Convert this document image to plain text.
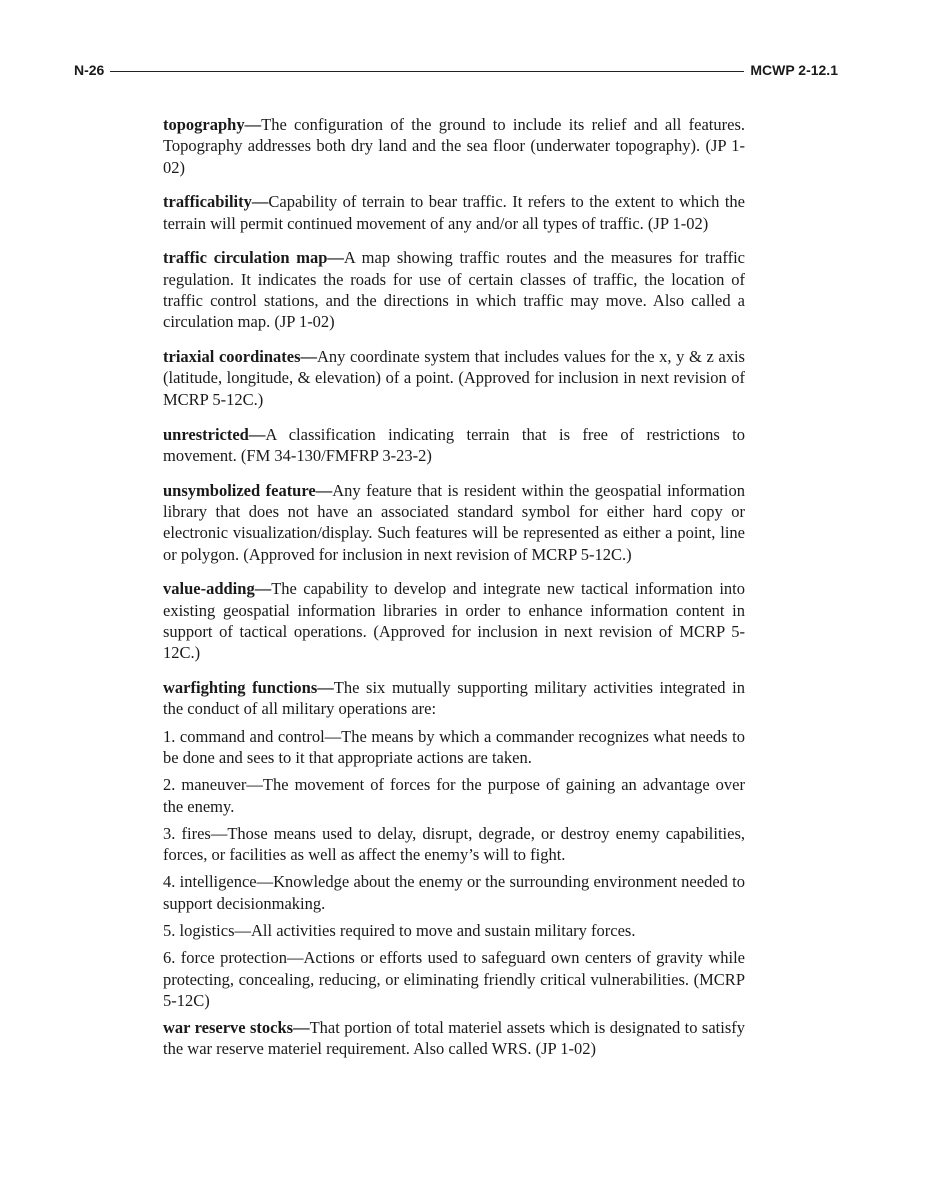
N-26	MCWP 2-12.1

topography—The configuration of the ground to include its relief and all features. Topography addresses both dry land and the sea floor (underwater topography). (JP 1-02)

trafficability—Capability of terrain to bear traffic. It refers to the extent to which the terrain will permit continued movement of any and/or all types of traffic. (JP 1-02)

traffic circulation map—A map showing traffic routes and the measures for traffic regulation. It indicates the roads for use of certain classes of traffic, the location of traffic control stations, and the directions in which traffic may move. Also called a circulation map. (JP 1-02)

triaxial coordinates—Any coordinate system that includes values for the x, y & z axis (latitude, longitude, & elevation) of a point. (Approved for inclusion in next revision of MCRP 5-12C.)

unrestricted—A classification indicating terrain that is free of restrictions to movement. (FM 34-130/FMFRP 3-23-2)

unsymbolized feature—Any feature that is resident within the geospatial information library that does not have an associated standard symbol for either hard copy or electronic visualization/display. Such features will be represented as either a point, line or polygon. (Approved for inclusion in next revision of MCRP 5-12C.)

value-adding—The capability to develop and integrate new tactical information into existing geospatial information libraries in order to enhance information content in support of tactical operations. (Approved for inclusion in next revision of MCRP 5-12C.)

warfighting functions—The six mutually supporting military activities integrated in the conduct of all military operations are:

1. command and control—The means by which a commander recognizes what needs to be done and sees to it that appropriate actions are taken.

2. maneuver—The movement of forces for the purpose of gaining an advantage over the enemy.

3. fires—Those means used to delay, disrupt, degrade, or destroy enemy capabilities, forces, or facilities as well as affect the enemy’s will to fight.

4. intelligence—Knowledge about the enemy or the surrounding environment needed to support decisionmaking.

5. logistics—All activities required to move and sustain military forces.

6. force protection—Actions or efforts used to safeguard own centers of gravity while protecting, concealing, reducing, or eliminating friendly critical vulnerabilities. (MCRP 5-12C)

war reserve stocks—That portion of total materiel assets which is designated to satisfy the war reserve materiel requirement. Also called WRS. (JP 1-02)
